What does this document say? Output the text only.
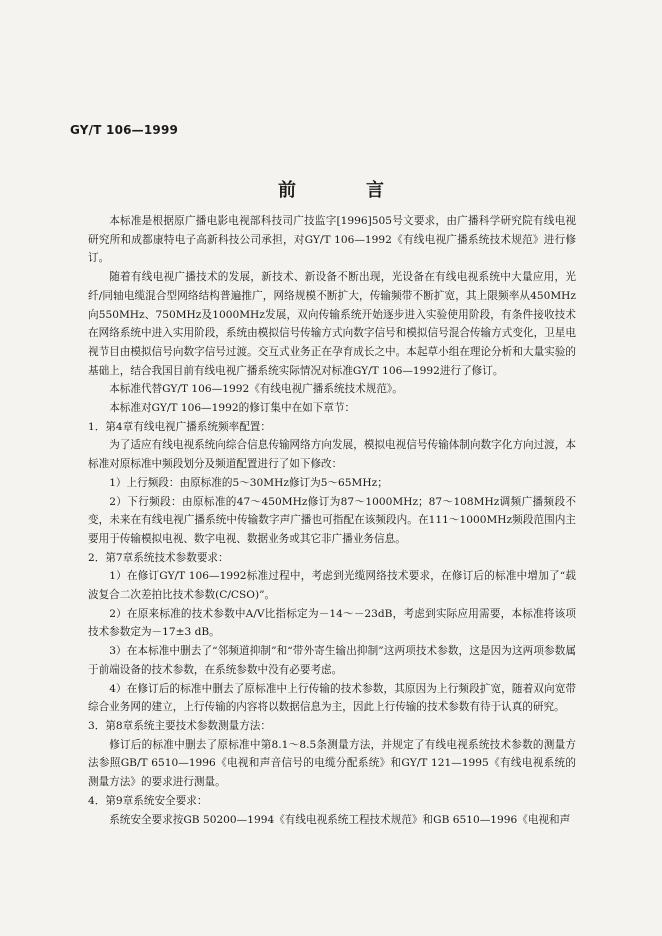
GY/T 106—1999
前　言

本标准是根据原广播电影电视部科技司广技监字[1996]505号文要求，由广播科学研究院有线电视研究所和成都康特电子高新科技公司承担，对GY/T 106—1992《有线电视广播系统技术规范》进行修订。

随着有线电视广播技术的发展，新技术、新设备不断出现，光设备在有线电视系统中大量应用，光纤/同轴电缆混合型网络结构普遍推广，网络规模不断扩大，传输频带不断扩宽，其上限频率从450MHz向550MHz、750MHz及1000MHz发展，双向传输系统开始逐步进入实验使用阶段，有条件接收技术在网络系统中进入实用阶段，系统由模拟信号传输方式向数字信号和模拟信号混合传输方式变化，卫星电视节目由模拟信号向数字信号过渡。交互式业务正在孕育成长之中。本起草小组在理论分析和大量实验的基础上，结合我国目前有线电视广播系统实际情况对标准GY/T 106—1992进行了修订。

本标准代替GY/T 106—1992《有线电视广播系统技术规范》。

本标准对GY/T 106—1992的修订集中在如下章节：

1．第4章有线电视广播系统频率配置：

为了适应有线电视系统向综合信息传输网络方向发展，模拟电视信号传输体制向数字化方向过渡，本标准对原标准中频段划分及频道配置进行了如下修改：

1）上行频段：由原标准的5～30MHz修订为5～65MHz；

2）下行频段：由原标准的47～450MHz修订为87～1000MHz；87～108MHz调频广播频段不变，未来在有线电视广播系统中传输数字声广播也可指配在该频段内。在111～1000MHz频段范围内主要用于传输模拟电视、数字电视、数据业务或其它非广播业务信息。

2．第7章系统技术参数要求：

1）在修订GY/T 106—1992标准过程中，考虑到光缆网络技术要求，在修订后的标准中增加了“载波复合二次差拍比技术参数(C/CSO)”。

2）在原来标准的技术参数中A/V比指标定为－14～－23dB，考虑到实际应用需要，本标准将该项技术参数定为－17±3 dB。

3）在本标准中删去了“邻频道抑制”和“带外寄生输出抑制”这两项技术参数，这是因为这两项参数属于前端设备的技术参数，在系统参数中没有必要考虑。

4）在修订后的标准中删去了原标准中上行传输的技术参数，其原因为上行频段扩宽，随着双向宽带综合业务网的建立，上行传输的内容将以数据信息为主，因此上行传输的技术参数有待于认真的研究。

3．第8章系统主要技术参数测量方法：

修订后的标准中删去了原标准中第8.1～8.5条测量方法，并规定了有线电视系统技术参数的测量方法参照GB/T 6510—1996《电视和声音信号的电缆分配系统》和GY/T 121—1995《有线电视系统的测量方法》的要求进行测量。

4．第9章系统安全要求：

系统安全要求按GB 50200—1994《有线电视系统工程技术规范》和GB 6510—1996《电视和声
